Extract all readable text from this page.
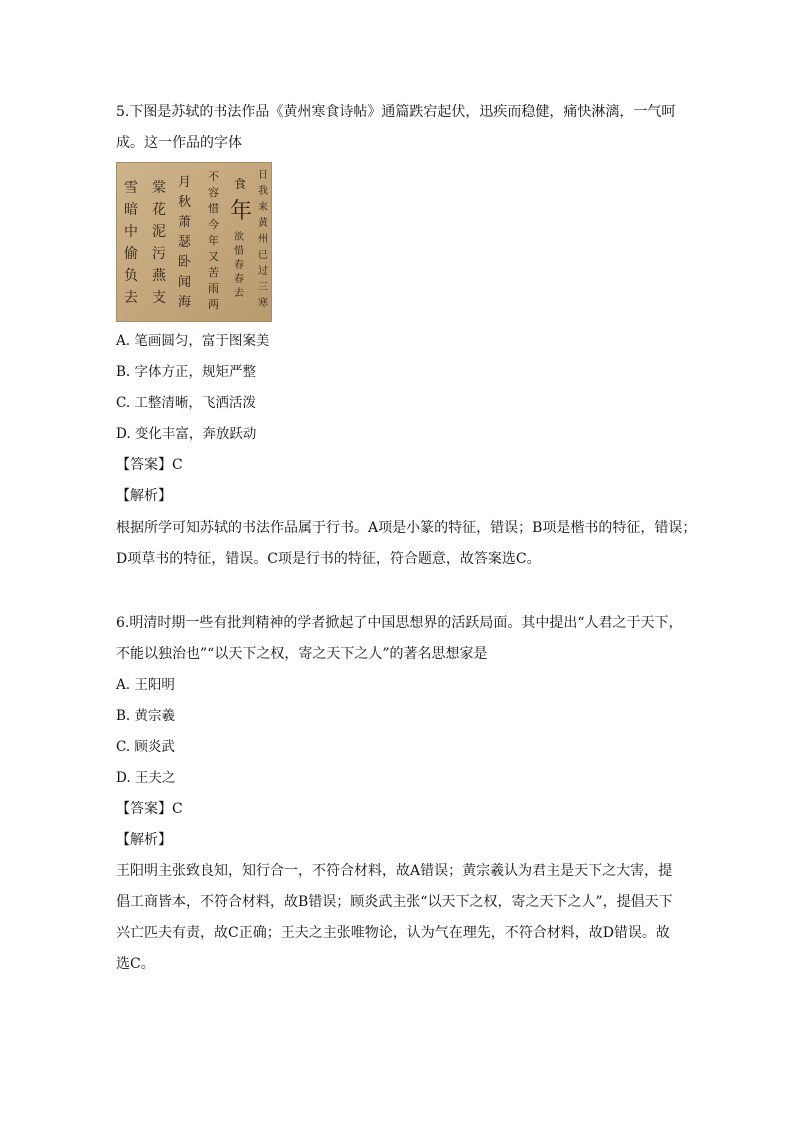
5.下图是苏轼的书法作品《黄州寒食诗帖》通篇跌宕起伏，迅疾而稳健，痛快淋漓，一气呵
成。这一作品的字体
日
我
来
黄
州
已
过
三
寒
食
年
欲
惜
春
春
去
不
容
惜
今
年
又
苦
雨
两
月
秋
萧
瑟
卧
闻
海
棠
花
泥
污
燕
支
雪
暗
中
偷
负
去
A. 笔画圆匀，富于图案美
B. 字体方正，规矩严整
C. 工整清晰，飞洒活泼
D. 变化丰富，奔放跃动
【答案】C
【解析】
根据所学可知苏轼的书法作品属于行书。A项是小篆的特征，错误；B项是楷书的特征，错误；
D项草书的特征，错误。C项是行书的特征，符合题意，故答案选C。
6.明清时期一些有批判精神的学者掀起了中国思想界的活跃局面。其中提出“人君之于天下，
不能以独治也”“以天下之权，寄之天下之人”的著名思想家是
A. 王阳明
B. 黄宗羲
C. 顾炎武
D. 王夫之
【答案】C
【解析】
王阳明主张致良知，知行合一，不符合材料，故A错误；黄宗羲认为君主是天下之大害，提
倡工商皆本，不符合材料，故B错误；顾炎武主张“以天下之权，寄之天下之人”，提倡天下
兴亡匹夫有责，故C正确；王夫之主张唯物论，认为气在理先，不符合材料，故D错误。故
选C。
